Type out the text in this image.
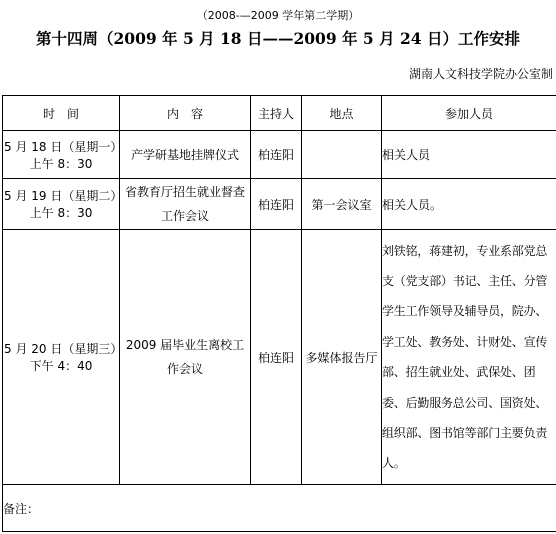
（2008-—2009 学年第二学期）
第十四周（2009 年 5 月 18 日——2009 年 5 月 24 日）工作安排
湖南人文科技学院办公室制
时　间	内　容	主持人	地点	参加人员

5 月 18 日（星期一）
上午 8：30	产学研基地挂牌仪式	柏连阳		相关人员

5 月 19 日（星期二）
上午 8：30	省教育厅招生就业督查工作会议	柏连阳	第一会议室	相关人员。

5 月 20 日（星期三）
下午 4：40	2009 届毕业生离校工作会议	柏连阳	多媒体报告厅	刘铁铭，蒋建初，专业系部党总支（党支部）书记、主任、分管学生工作领导及辅导员，院办、学工处、教务处、计财处、宣传部、招生就业处、武保处、团委、后勤服务总公司、国资处、组织部、图书馆等部门主要负责人。
备注：				
